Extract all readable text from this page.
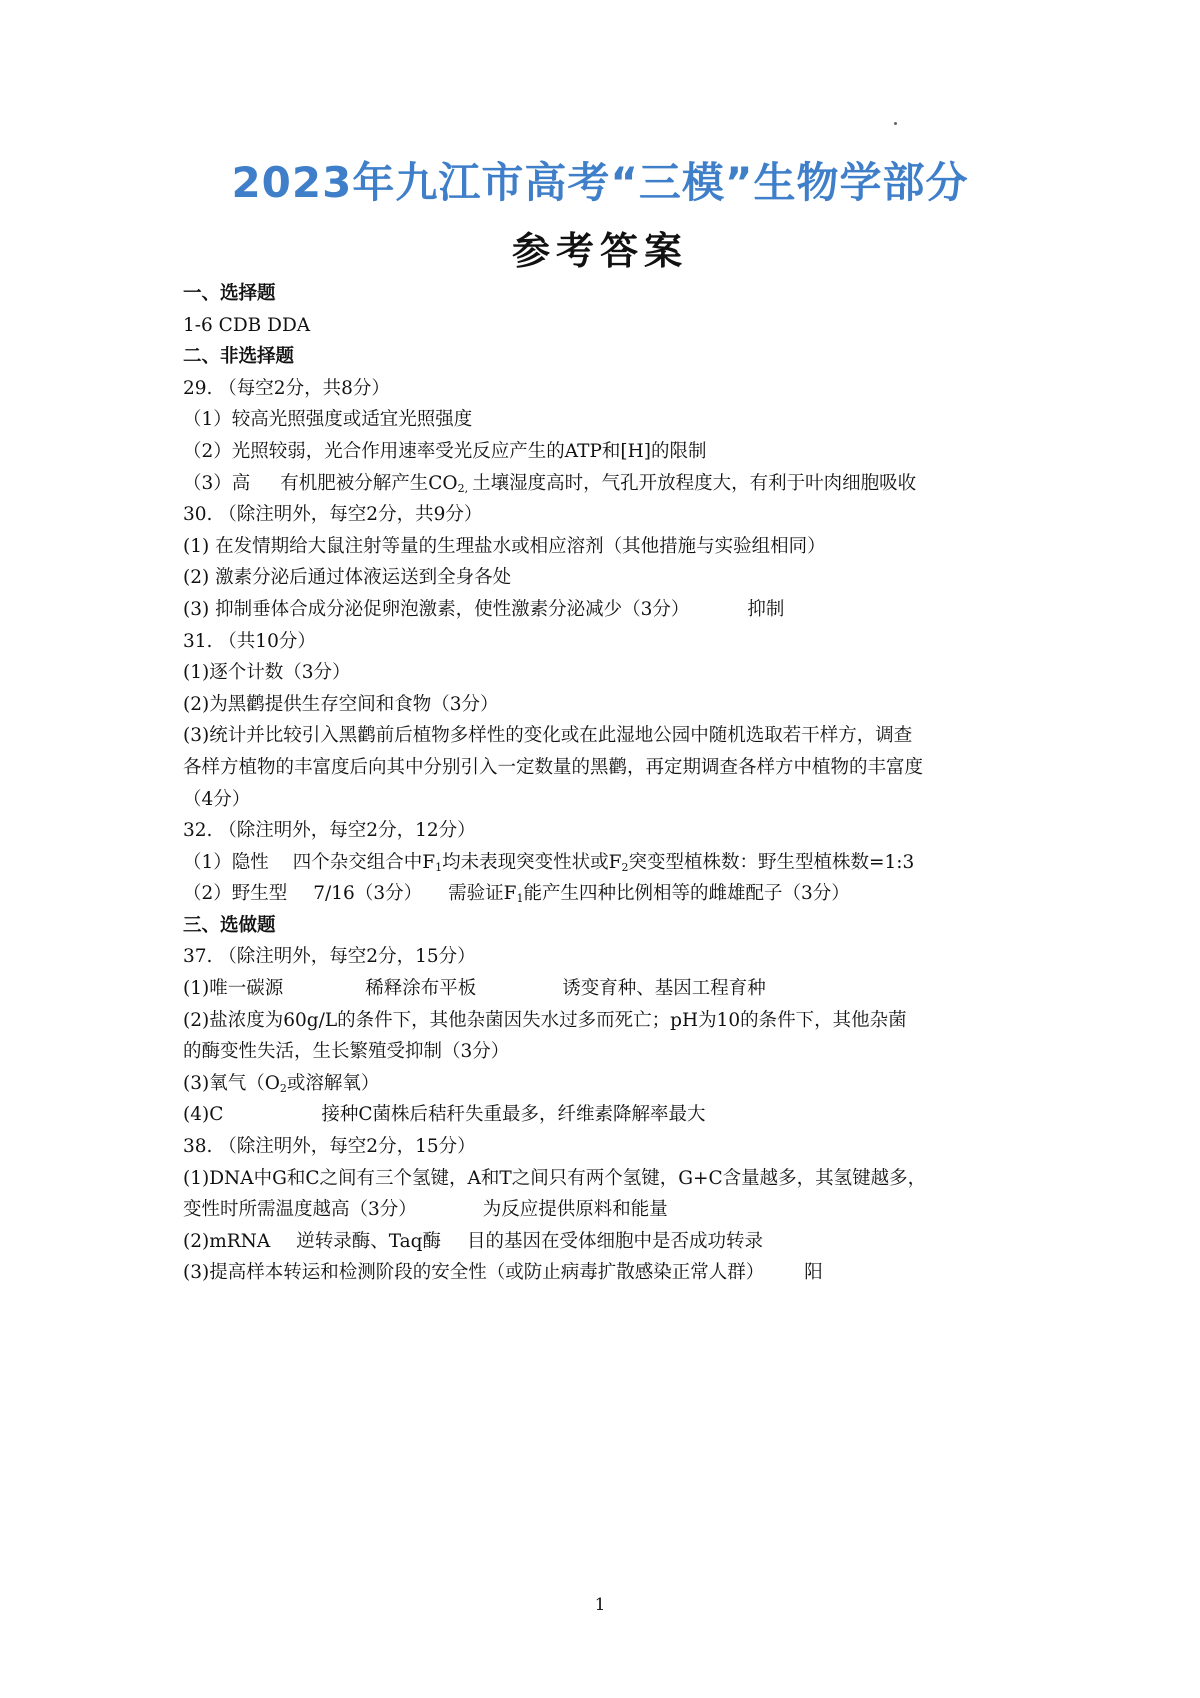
2023年九江市高考“三模”生物学部分
参考答案
一、选择题
1-6 CDB DDA
二、非选择题
29. （每空2分，共8分）
（1）较高光照强度或适宜光照强度
（2）光照较弱，光合作用速率受光反应产生的ATP和[H]的限制
（3）高 有机肥被分解产生$CO_{2,}$ 土壤湿度高时，气孔开放程度大，有利于叶肉细胞吸收
30. （除注明外，每空2分，共9分）
(1) 在发情期给大鼠注射等量的生理盐水或相应溶剂（其他措施与实验组相同）
(2) 激素分泌后通过体液运送到全身各处
(3) 抑制垂体合成分泌促卵泡激素，使性激素分泌减少（3分）	抑制
31. （共10分）
(1)逐个计数（3分）
(2)为黑鹳提供生存空间和食物（3分）
(3)统计并比较引入黑鹳前后植物多样性的变化或在此湿地公园中随机选取若干样方，调查
各样方植物的丰富度后向其中分别引入一定数量的黑鹳，再定期调查各样方中植物的丰富度
（4分）
32. （除注明外，每空2分，12分）
（1）隐性 四个杂交组合中$F_1$均未表现突变性状或$F_2$突变型植株数：野生型植株数=1:3
（2）野生型 7/16（3分） 需验证$F_1$能产生四种比例相等的雌雄配子（3分）
三、选做题
37. （除注明外，每空2分，15分）
(1)唯一碳源	稀释涂布平板	诱变育种、基因工程育种
(2)盐浓度为60g/L的条件下，其他杂菌因失水过多而死亡；pH为10的条件下，其他杂菌
的酶变性失活，生长繁殖受抑制（3分）
(3)氧气（$O_2$或溶解氧）
(4)C	接种C菌株后秸秆失重最多，纤维素降解率最大
38. （除注明外，每空2分，15分）
(1)DNA中G和C之间有三个氢键，A和T之间只有两个氢键，G+C含量越多，其氢键越多，
变性时所需温度越高（3分）	为反应提供原料和能量
(2)mRNA 逆转录酶、Taq酶 目的基因在受体细胞中是否成功转录
(3)提高样本转运和检测阶段的安全性（或防止病毒扩散感染正常人群） 阳
1
